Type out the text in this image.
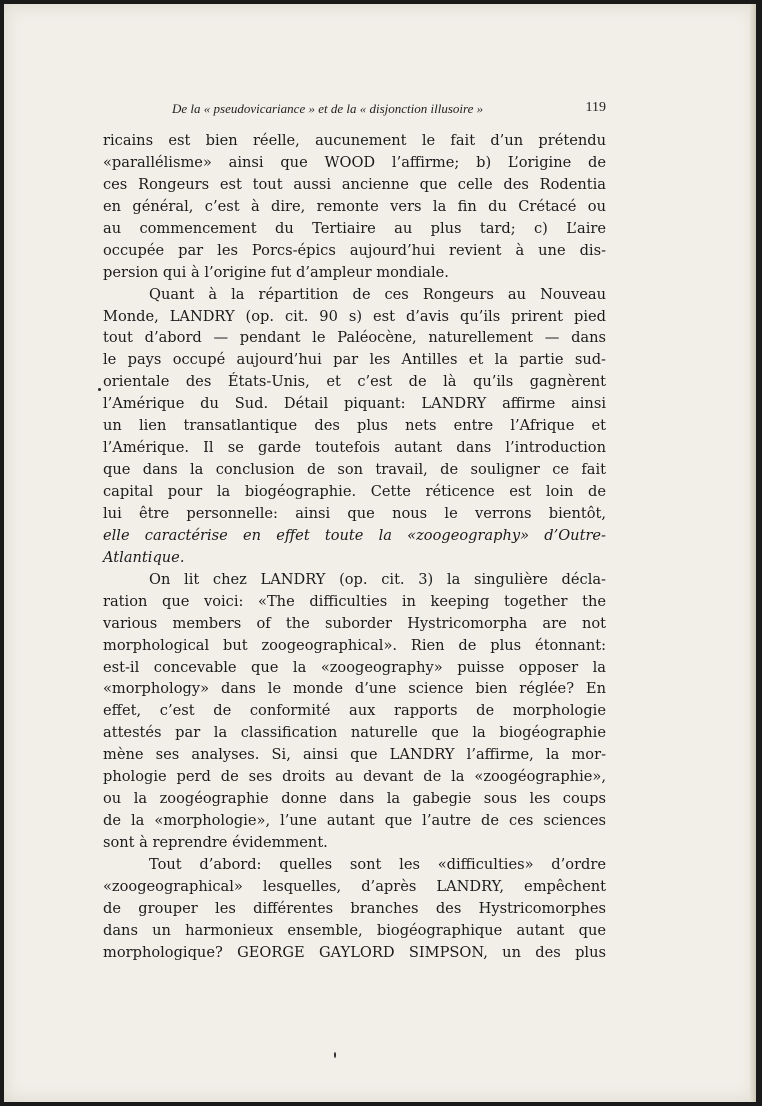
De la « pseudovicariance » et de la « disjonction illusoire »	119
ricains est bien réelle, aucunement le fait d’un prétendu
«parallélisme» ainsi que WOOD l’affirme; b) L’origine de
ces Rongeurs est tout aussi ancienne que celle des Rodentia
en général, c’est à dire, remonte vers la fin du Crétacé ou
au commencement du Tertiaire au plus tard; c) L’aire
occupée par les Porcs-épics aujourd’hui revient à une dis-
persion qui à l’origine fut d’ampleur mondiale.
Quant à la répartition de ces Rongeurs au Nouveau
Monde, LANDRY (op. cit. 90 s) est d’avis qu’ils prirent pied
tout d’abord — pendant le Paléocène, naturellement — dans
le pays occupé aujourd’hui par les Antilles et la partie sud-
orientale des États-Unis, et c’est de là qu’ils gagnèrent
l’Amérique du Sud. Détail piquant: LANDRY affirme ainsi
un lien transatlantique des plus nets entre l’Afrique et
l’Amérique. Il se garde toutefois autant dans l’introduction
que dans la conclusion de son travail, de souligner ce fait
capital pour la biogéographie. Cette réticence est loin de
lui être personnelle: ainsi que nous le verrons bientôt,
elle caractérise en effet toute la «zoogeography» d’Outre-
Atlantique.
On lit chez LANDRY (op. cit. 3) la singulière décla-
ration que voici: «The difficulties in keeping together the
various members of the suborder Hystricomorpha are not
morphological but zoogeographical». Rien de plus étonnant:
est-il concevable que la «zoogeography» puisse opposer la
«morphology» dans le monde d’une science bien réglée? En
effet, c’est de conformité aux rapports de morphologie
attestés par la classification naturelle que la biogéographie
mène ses analyses. Si, ainsi que LANDRY l’affirme, la mor-
phologie perd de ses droits au devant de la «zoogéographie»,
ou la zoogéographie donne dans la gabegie sous les coups
de la «morphologie», l’une autant que l’autre de ces sciences
sont à reprendre évidemment.
Tout d’abord: quelles sont les «difficulties» d’ordre
«zoogeographical» lesquelles, d’après LANDRY, empêchent
de grouper les différentes branches des Hystricomorphes
dans un harmonieux ensemble, biogéographique autant que
morphologique? GEORGE GAYLORD SIMPSON, un des plus
